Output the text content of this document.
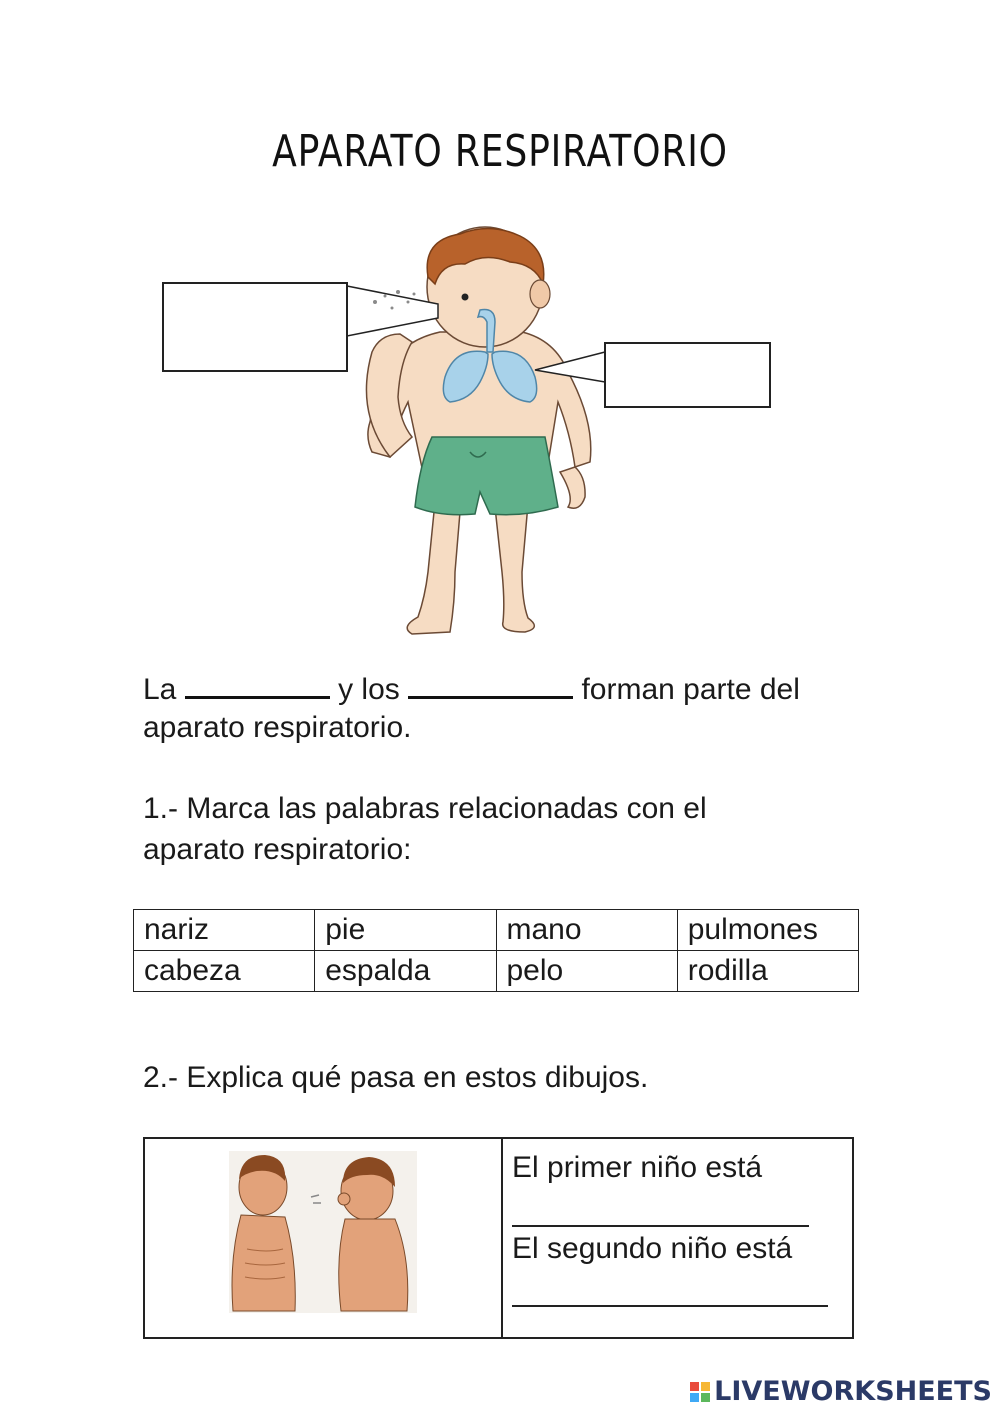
APARATO RESPIRATORIO
La	y los	forman parte del
aparato respiratorio.
1.- Marca las palabras relacionadas con el
aparato respiratorio:
nariz	pie	mano	pulmones
cabeza	espalda	pelo	rodilla
2.- Explica qué pasa en estos dibujos.
El primer niño está
El segundo niño está
LIVEWORKSHEETS
